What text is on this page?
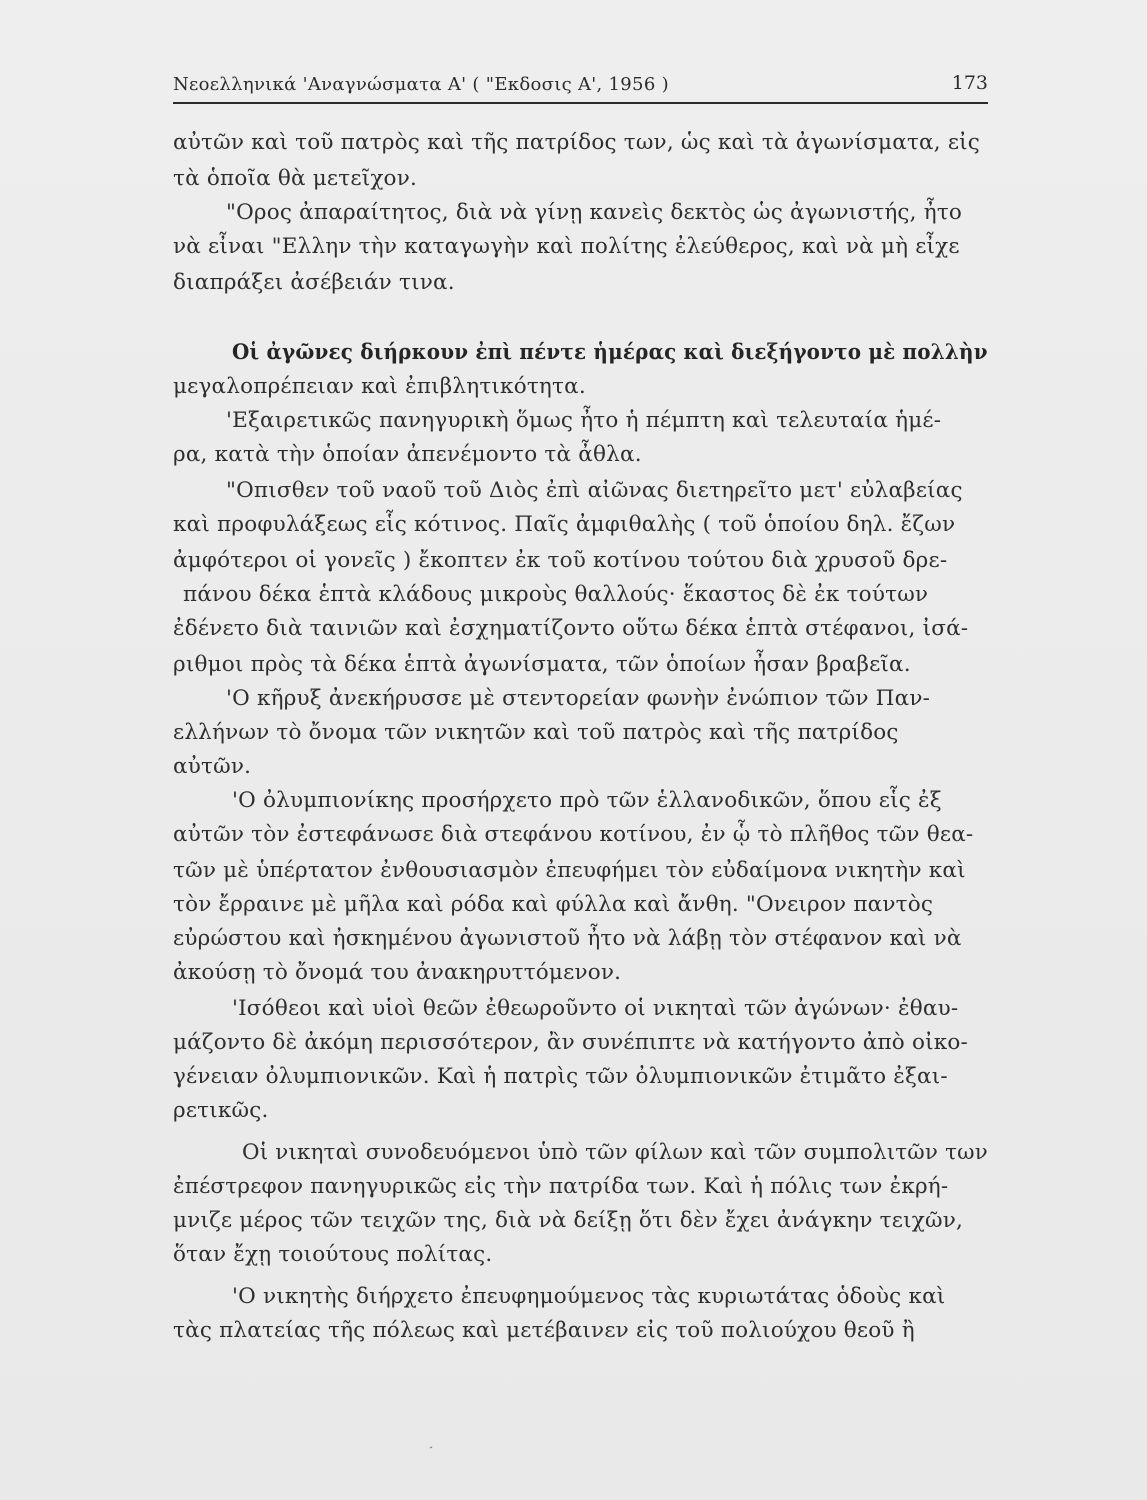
Νεοελληνικά 'Αναγνώσματα Α' ( "Εκδοσις Α', 1956 )	173
αὐτῶν καὶ τοῦ πατρὸς καὶ τῆς πατρίδος των, ὡς καὶ τὰ ἀγωνίσματα, εἰς
τὰ ὁποῖα θὰ μετεῖχον.
"Ορος ἀπαραίτητος, διὰ νὰ γίνῃ κανεὶς δεκτὸς ὡς ἀγωνιστής, ἦτο
νὰ εἶναι "Ελλην τὴν καταγωγὴν καὶ πολίτης ἐλεύθερος, καὶ νὰ μὴ εἶχε
διαπράξει ἀσέβειάν τινα.
Οἱ ἀγῶνες διήρκουν ἐπὶ πέντε ἡμέρας καὶ διεξήγοντο μὲ πολλὴν
μεγαλοπρέπειαν καὶ ἐπιβλητικότητα.
'Εξαιρετικῶς πανηγυρικὴ ὅμως ἦτο ἡ πέμπτη καὶ τελευταία ἡμέ-
ρα, κατὰ τὴν ὁποίαν ἀπενέμοντο τὰ ἆθλα.
"Οπισθεν τοῦ ναοῦ τοῦ Διὸς ἐπὶ αἰῶνας διετηρεῖτο μετ' εὐλαβείας
καὶ προφυλάξεως εἷς κότινος. Παῖς ἀμφιθαλὴς ( τοῦ ὁποίου δηλ. ἔζων
ἀμφότεροι οἱ γονεῖς ) ἔκοπτεν ἐκ τοῦ κοτίνου τούτου διὰ χρυσοῦ δρε-
πάνου δέκα ἑπτὰ κλάδους μικροὺς θαλλούς· ἕκαστος δὲ ἐκ τούτων
ἐδένετο διὰ ταινιῶν καὶ ἐσχηματίζοντο οὕτω δέκα ἑπτὰ στέφανοι, ἰσά-
ριθμοι πρὸς τὰ δέκα ἑπτὰ ἀγωνίσματα, τῶν ὁποίων ἦσαν βραβεῖα.
'Ο κῆρυξ ἀνεκήρυσσε μὲ στεντορείαν φωνὴν ἐνώπιον τῶν Παν-
ελλήνων τὸ ὄνομα τῶν νικητῶν καὶ τοῦ πατρὸς καὶ τῆς πατρίδος
αὐτῶν.
'Ο ὀλυμπιονίκης προσήρχετο πρὸ τῶν ἑλλανοδικῶν, ὅπου εἷς ἐξ
αὐτῶν τὸν ἐστεφάνωσε διὰ στεφάνου κοτίνου, ἐν ᾧ τὸ πλῆθος τῶν θεα-
τῶν μὲ ὑπέρτατον ἐνθουσιασμὸν ἐπευφήμει τὸν εὐδαίμονα νικητὴν καὶ
τὸν ἔρραινε μὲ μῆλα καὶ ρόδα καὶ φύλλα καὶ ἄνθη. "Ονειρον παντὸς
εὐρώστου καὶ ἠσκημένου ἀγωνιστοῦ ἦτο νὰ λάβῃ τὸν στέφανον καὶ νὰ
ἀκούσῃ τὸ ὄνομά του ἀνακηρυττόμενον.
'Ισόθεοι καὶ υἱοὶ θεῶν ἐθεωροῦντο οἱ νικηταὶ τῶν ἀγώνων· ἐθαυ-
μάζοντο δὲ ἀκόμη περισσότερον, ἂν συνέπιπτε νὰ κατήγοντο ἀπὸ οἰκο-
γένειαν ὀλυμπιονικῶν. Καὶ ἡ πατρὶς τῶν ὀλυμπιονικῶν ἐτιμᾶτο ἐξαι-
ρετικῶς.
Οἱ νικηταὶ συνοδευόμενοι ὑπὸ τῶν φίλων καὶ τῶν συμπολιτῶν των
ἐπέστρεφον πανηγυρικῶς εἰς τὴν πατρίδα των. Καὶ ἡ πόλις των ἐκρή-
μνιζε μέρος τῶν τειχῶν της, διὰ νὰ δείξῃ ὅτι δὲν ἔχει ἀνάγκην τειχῶν,
ὅταν ἔχῃ τοιούτους πολίτας.
'Ο νικητὴς διήρχετο ἐπευφημούμενος τὰς κυριωτάτας ὁδοὺς καὶ
τὰς πλατείας τῆς πόλεως καὶ μετέβαινεν εἰς τοῦ πολιούχου θεοῦ ἢ
˗
